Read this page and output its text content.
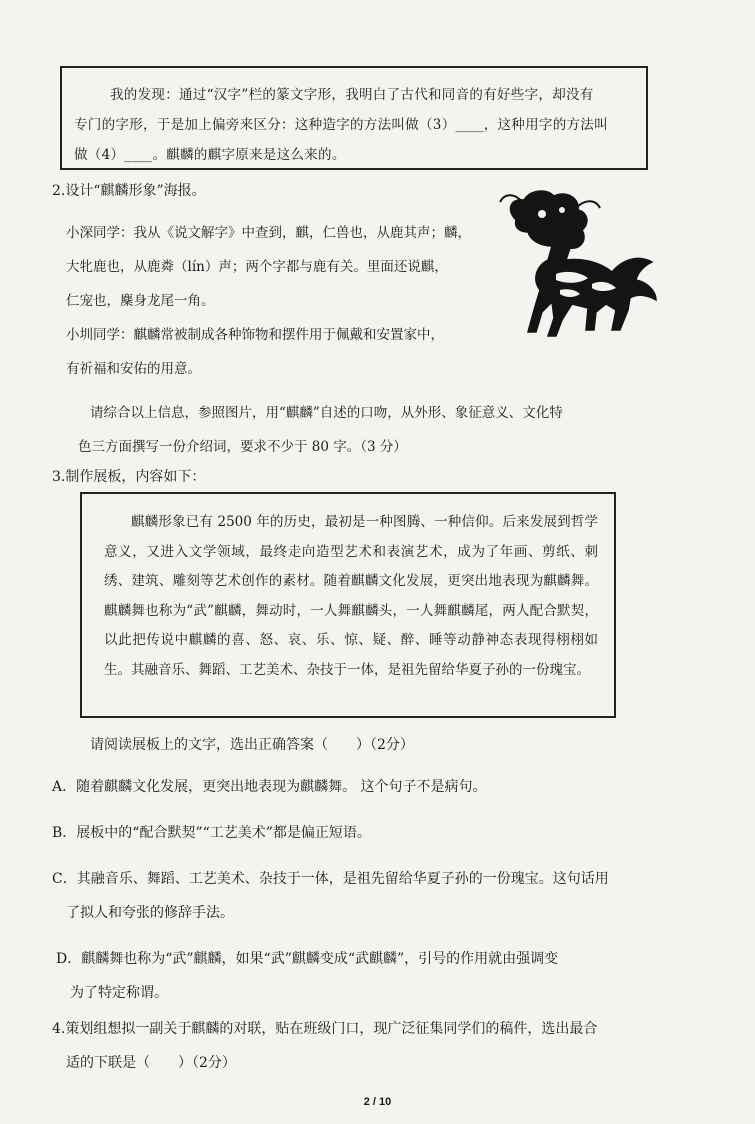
我的发现：通过“汉字”栏的篆文字形，我明白了古代和同音的有好些字，却没有

专门的字形，于是加上偏旁来区分：这种造字的方法叫做（3）____，这种用字的方法叫

做（4）____。麒麟的麒字原来是这么来的。

2.设计“麒麟形象”海报。

小深同学：我从《说文解字》中查到，麒，仁兽也，从鹿其声；麟，

大牝鹿也，从鹿粦（lín）声；两个字都与鹿有关。里面还说麒，

仁宠也，麇身龙尾一角。

小圳同学：麒麟常被制成各种饰物和摆件用于佩戴和安置家中，

有祈福和安佑的用意。

请综合以上信息，参照图片，用“麒麟”自述的口吻，从外形、象征意义、文化特

色三方面撰写一份介绍词，要求不少于 80 字。（3 分）

3.制作展板，内容如下：

麒麟形象已有 2500 年的历史，最初是一种图腾、一种信仰。后来发展到哲学意义，又进入文学领域，最终走向造型艺术和表演艺术，成为了年画、剪纸、刺绣、建筑、雕刻等艺术创作的素材。随着麒麟文化发展，更突出地表现为麒麟舞。麒麟舞也称为“武”麒麟，舞动时，一人舞麒麟头，一人舞麒麟尾，两人配合默契，以此把传说中麒麟的喜、怒、哀、乐、惊、疑、醉、睡等动静神态表现得栩栩如生。其融音乐、舞蹈、工艺美术、杂技于一体，是祖先留给华夏子孙的一份瑰宝。

请阅读展板上的文字，选出正确答案（　　）（2分）

A．随着麒麟文化发展，更突出地表现为麒麟舞。 这个句子不是病句。

B．展板中的“配合默契”“工艺美术”都是偏正短语。

C．其融音乐、舞蹈、工艺美术、杂技于一体，是祖先留给华夏子孙的一份瑰宝。这句话用

了拟人和夸张的修辞手法。

D．麒麟舞也称为“武”麒麟，如果“武”麒麟变成“武麒麟”，引号的作用就由强调变

为了特定称谓。

4.策划组想拟一副关于麒麟的对联，贴在班级门口，现广泛征集同学们的稿件，选出最合

适的下联是（　　）（2分）

2 / 10
